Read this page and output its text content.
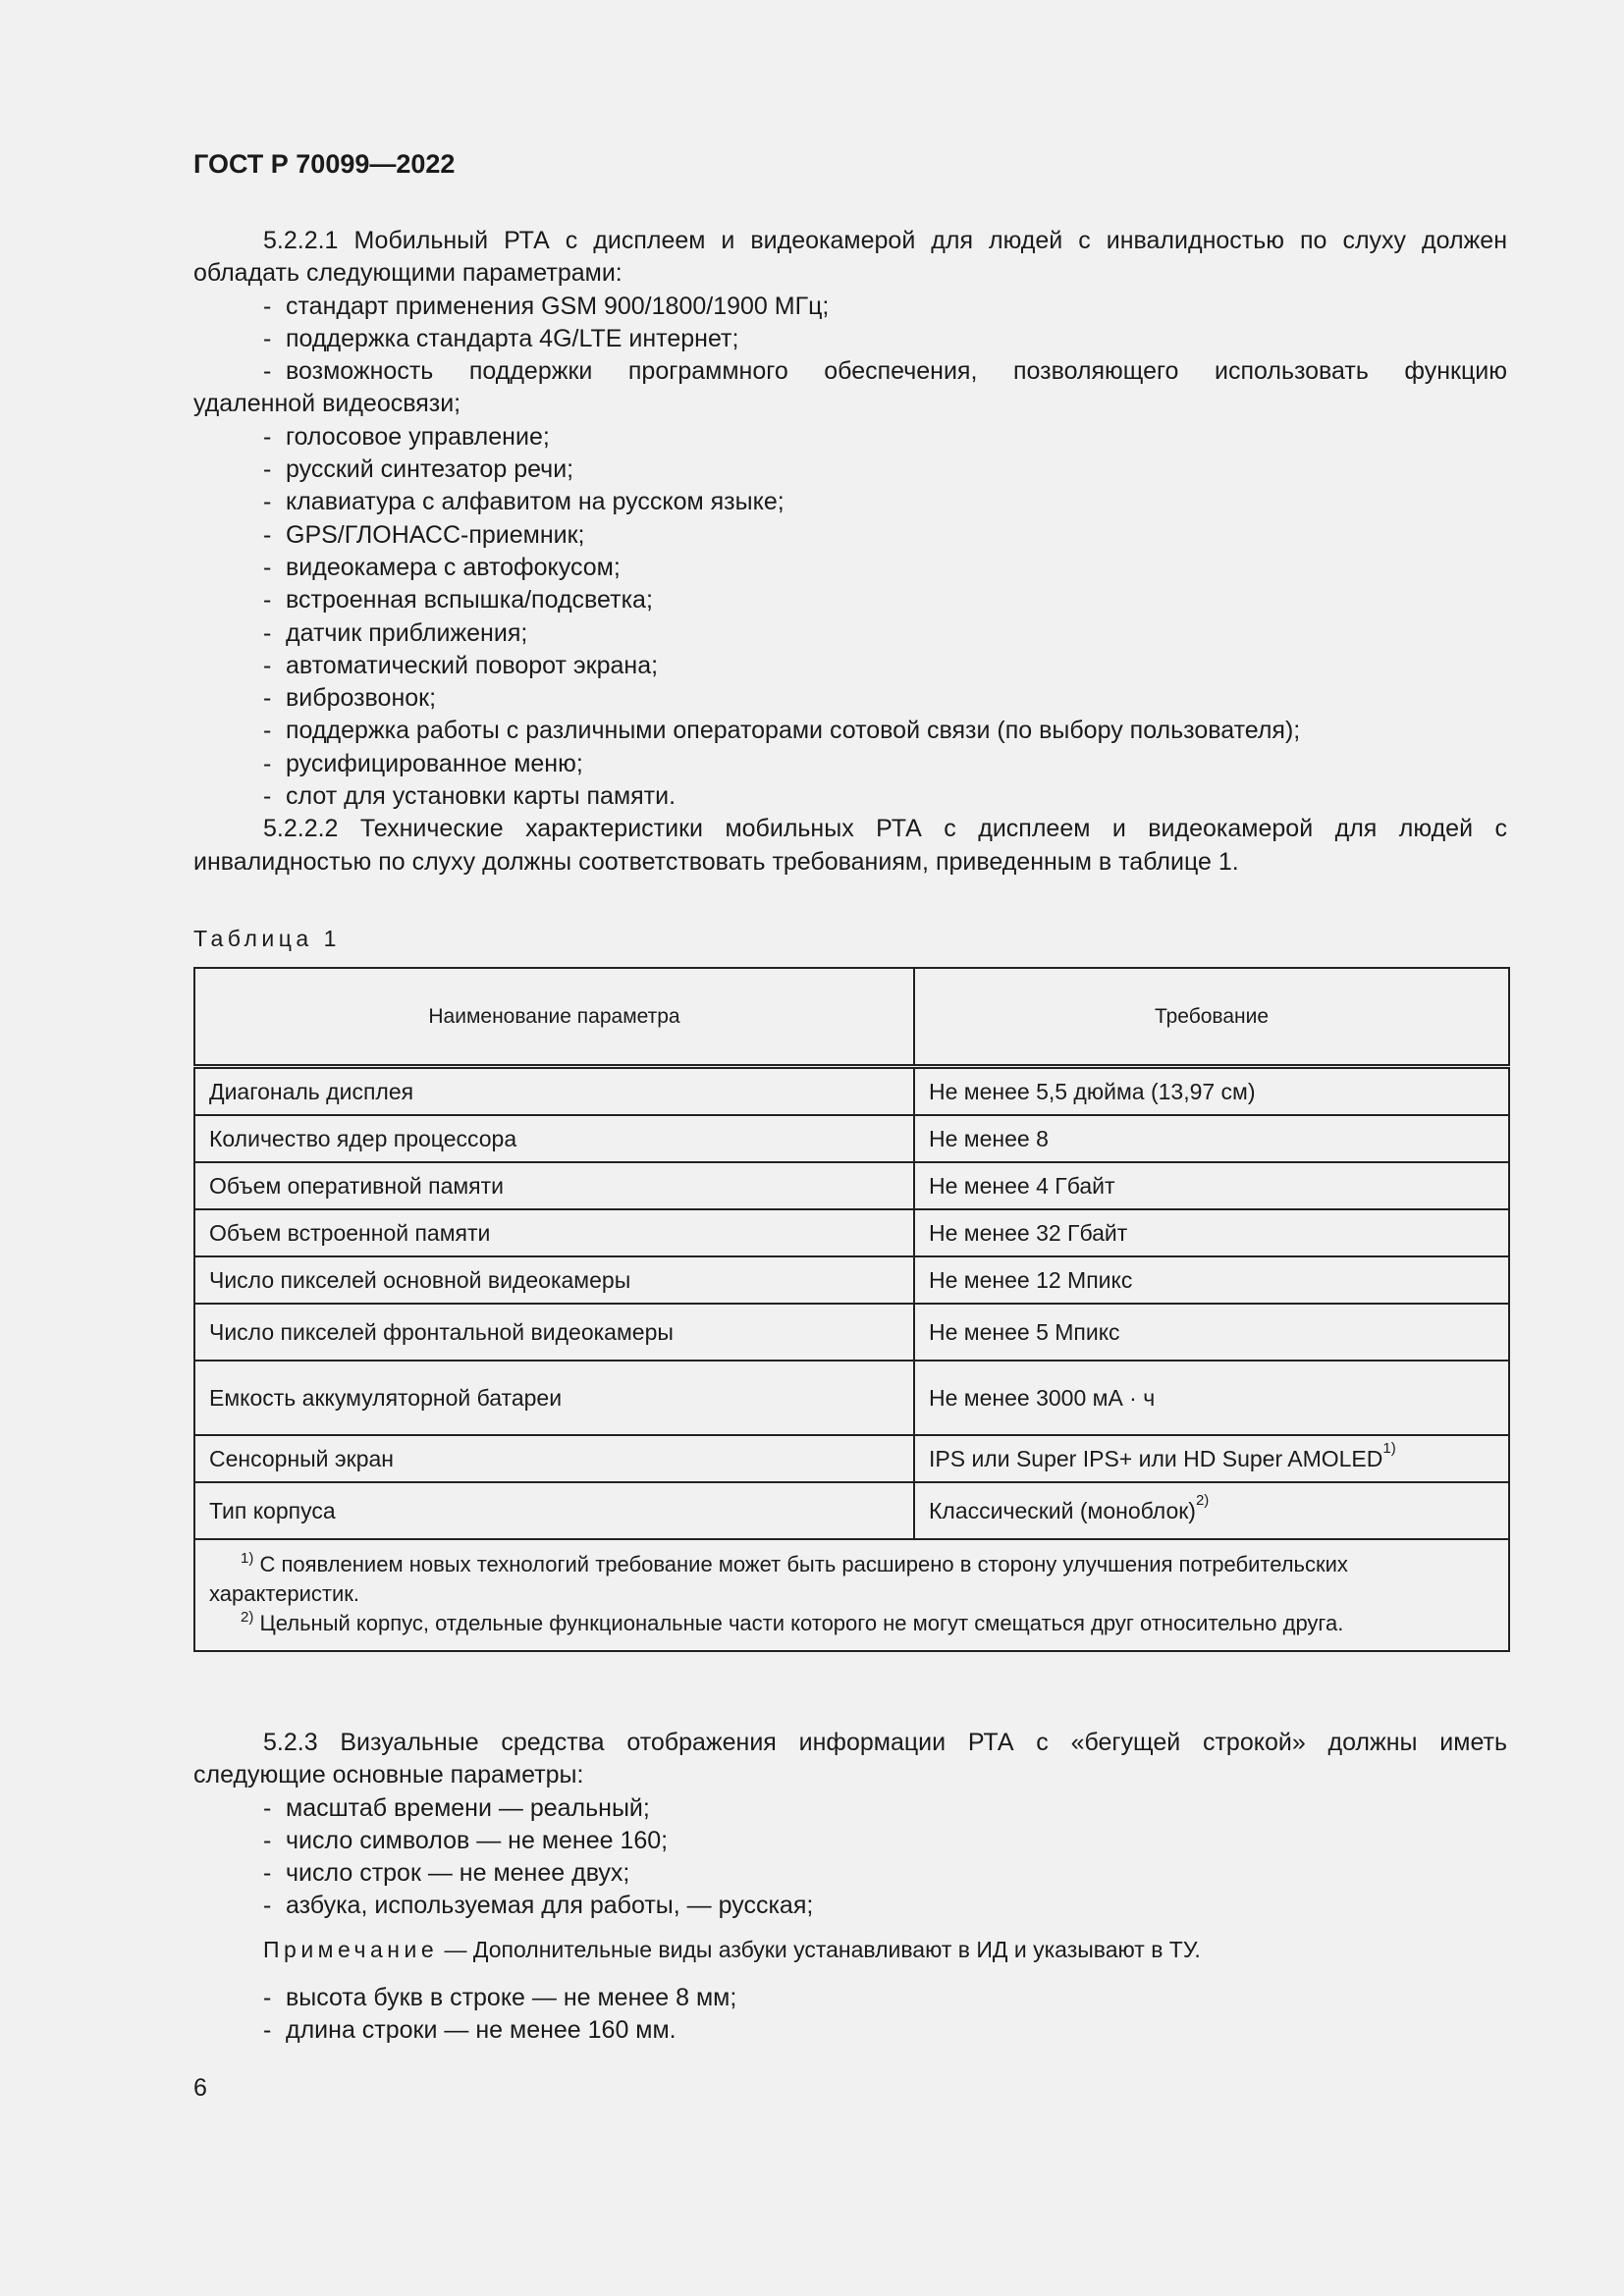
ГОСТ Р 70099—2022
5.2.2.1 Мобильный РТА с дисплеем и видеокамерой для людей с инвалидностью по слуху должен
обладать следующими параметрами:
- стандарт применения GSM 900/1800/1900 МГц;
- поддержка стандарта 4G/LTE интернет;
- возможность поддержки программного обеспечения, позволяющего использовать функцию
удаленной видеосвязи;
- голосовое управление;
- русский синтезатор речи;
- клавиатура с алфавитом на русском языке;
- GPS/ГЛОНАСС-приемник;
- видеокамера с автофокусом;
- встроенная вспышка/подсветка;
- датчик приближения;
- автоматический поворот экрана;
- виброзвонок;
- поддержка работы с различными операторами сотовой связи (по выбору пользователя);
- русифицированное меню;
- слот для установки карты памяти.
5.2.2.2 Технические характеристики мобильных РТА с дисплеем и видеокамерой для людей с
инвалидностью по слуху должны соответствовать требованиям, приведенным в таблице 1.
Таблица 1
Наименование параметра	Требование
Диагональ дисплея	Не менее 5,5 дюйма (13,97 см)
Количество ядер процессора	Не менее 8
Объем оперативной памяти	Не менее 4 Гбайт
Объем встроенной памяти	Не менее 32 Гбайт
Число пикселей основной видеокамеры	Не менее 12 Мпикс
Число пикселей фронтальной видеокамеры	Не менее 5 Мпикс
Емкость аккумуляторной батареи	Не менее 3000 мА · ч
Сенсорный экран	IPS или Super IPS+ или HD Super AMOLED$^{1)}$
Тип корпуса	Классический (моноблок)$^{2)}$

$^{1)}$ С появлением новых технологий требование может быть расширено в сторону улучшения потребительских характеристик.
$^{2)}$ Цельный корпус, отдельные функциональные части которого не могут смещаться друг относительно друга.	
5.2.3 Визуальные средства отображения информации РТА с «бегущей строкой» должны иметь
следующие основные параметры:
- масштаб времени — реальный;
- число символов — не менее 160;
- число строк — не менее двух;
- азбука, используемая для работы, — русская;
Примечание — Дополнительные виды азбуки устанавливают в ИД и указывают в ТУ.
- высота букв в строке — не менее 8 мм;
- длина строки — не менее 160 мм.
6
